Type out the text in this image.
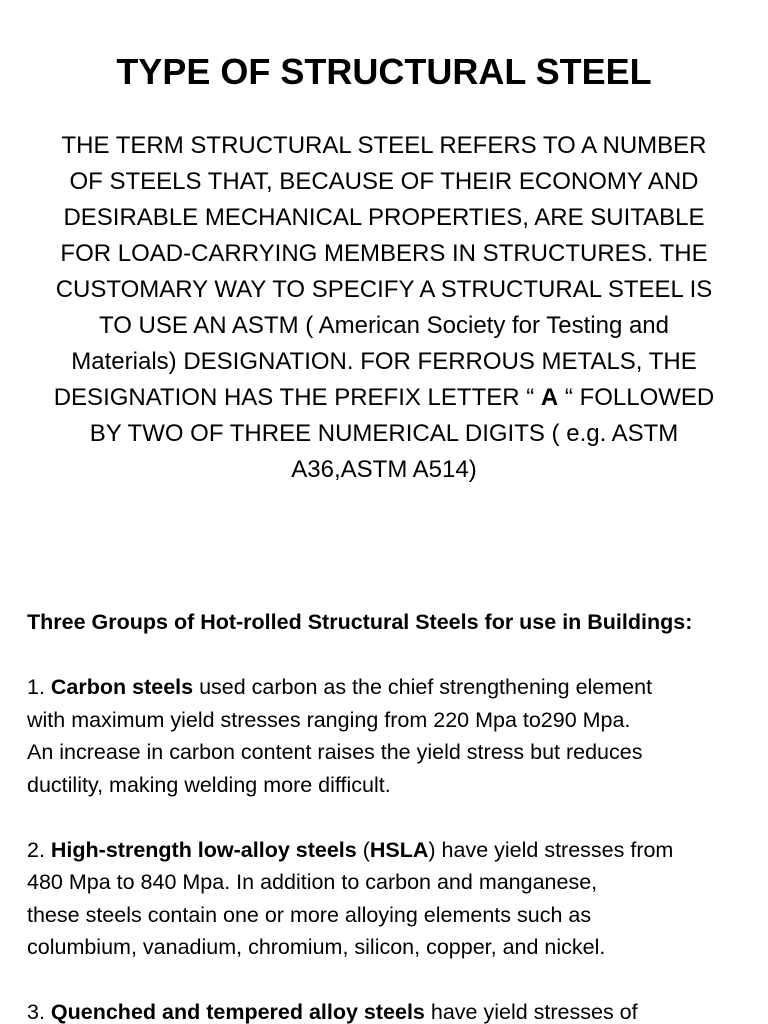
TYPE OF STRUCTURAL STEEL

THE TERM STRUCTURAL STEEL REFERS TO A NUMBER
OF STEELS THAT, BECAUSE OF THEIR ECONOMY AND
DESIRABLE MECHANICAL PROPERTIES, ARE SUITABLE
FOR LOAD-CARRYING MEMBERS IN STRUCTURES. THE
CUSTOMARY WAY TO SPECIFY A STRUCTURAL STEEL IS
TO USE AN ASTM ( American Society for Testing and
Materials) DESIGNATION. FOR FERROUS METALS, THE
DESIGNATION HAS THE PREFIX LETTER “ A “ FOLLOWED
BY TWO OF THREE NUMERICAL DIGITS ( e.g. ASTM
A36,ASTM A514)

Three Groups of Hot-rolled Structural Steels for use in Buildings:
1. Carbon steels used carbon as the chief strengthening element
with maximum yield stresses ranging from 220 Mpa to290 Mpa.
An increase in carbon content raises the yield stress but reduces
ductility, making welding more difficult.
2. High-strength low-alloy steels (HSLA) have yield stresses from
480 Mpa to 840 Mpa. In addition to carbon and manganese,
these steels contain one or more alloying elements such as
columbium, vanadium, chromium, silicon, copper, and nickel.
3. Quenched and tempered alloy steels have yield stresses of
